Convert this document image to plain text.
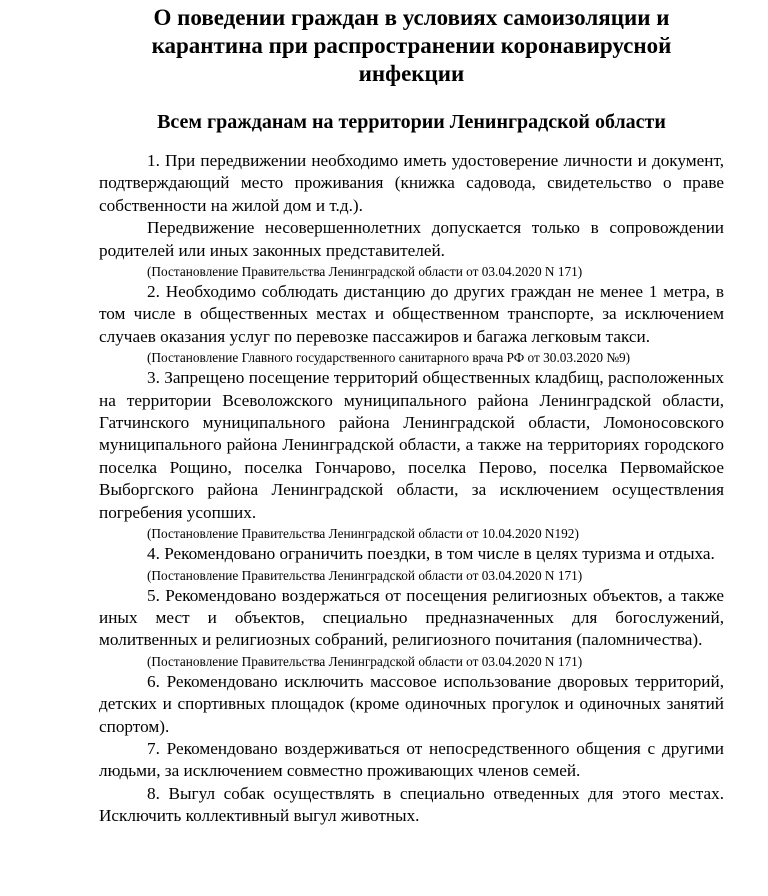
О поведении граждан в условиях самоизоляции и карантина при распространении коронавирусной инфекции
Всем гражданам на территории Ленинградской области

1. При передвижении необходимо иметь удостоверение личности и документ, подтверждающий место проживания (книжка садовода, свидетельство о праве собственности на жилой дом и т.д.).

Передвижение несовершеннолетних допускается только в сопровождении родителей или иных законных представителей.

(Постановление Правительства Ленинградской области от 03.04.2020 N 171)

2. Необходимо соблюдать дистанцию до других граждан не менее 1 метра, в том числе в общественных местах и общественном транспорте, за исключением случаев оказания услуг по перевозке пассажиров и багажа легковым такси.

(Постановление Главного государственного санитарного врача РФ от 30.03.2020 №9)

3. Запрещено посещение территорий общественных кладбищ, расположенных на территории Всеволожского муниципального района Ленинградской области, Гатчинского муниципального района Ленинградской области, Ломоносовского муниципального района Ленинградской области, а также на территориях городского поселка Рощино, поселка Гончарово, поселка Перово, поселка Первомайское Выборгского района Ленинградской области, за исключением осуществления погребения усопших.

(Постановление Правительства Ленинградской области от 10.04.2020 N192)

4. Рекомендовано ограничить поездки, в том числе в целях туризма и отдыха.

(Постановление Правительства Ленинградской области от 03.04.2020 N 171)

5. Рекомендовано воздержаться от посещения религиозных объектов, а также иных мест и объектов, специально предназначенных для богослужений, молитвенных и религиозных собраний, религиозного почитания (паломничества).

(Постановление Правительства Ленинградской области от 03.04.2020 N 171)

6. Рекомендовано исключить массовое использование дворовых территорий, детских и спортивных площадок (кроме одиночных прогулок и одиночных занятий спортом).

7. Рекомендовано воздерживаться от непосредственного общения с другими людьми, за исключением совместно проживающих членов семей.

8. Выгул собак осуществлять в специально отведенных для этого местах. Исключить коллективный выгул животных.
